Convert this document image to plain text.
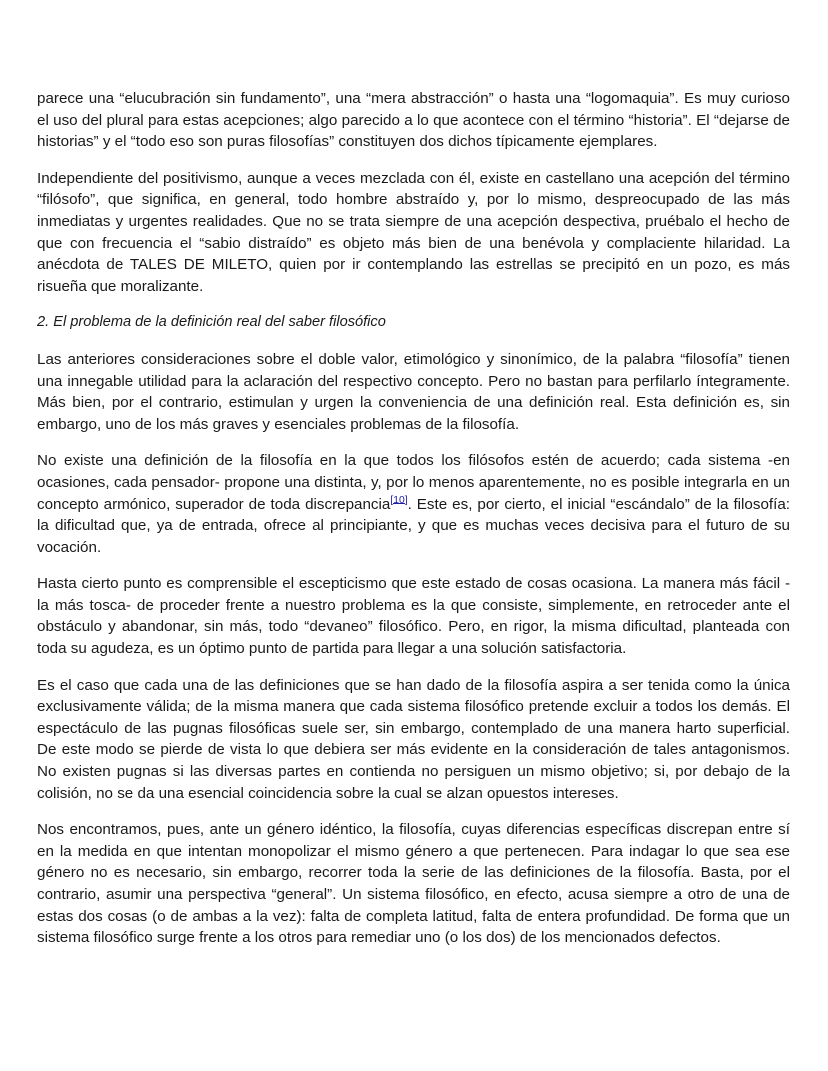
parece una “elucubración sin fundamento”, una “mera abstracción” o hasta una “logomaquia”. Es muy curioso el uso del plural para estas acepciones; algo parecido a lo que acontece con el término “historia”. El “dejarse de historias” y el “todo eso son puras filosofías” constituyen dos dichos típicamente ejemplares.

Independiente del positivismo, aunque a veces mezclada con él, existe en castellano una acepción del término “filósofo”, que significa, en general, todo hombre abstraído y, por lo mismo, despreocupado de las más inmediatas y urgentes realidades. Que no se trata siempre de una acepción despectiva, pruébalo el hecho de que con frecuencia el “sabio distraído” es objeto más bien de una benévola y complaciente hilaridad. La anécdota de TALES DE MILETO, quien por ir contemplando las estrellas se precipitó en un pozo, es más risueña que moralizante.

2. El problema de la definición real del saber filosófico

Las anteriores consideraciones sobre el doble valor, etimológico y sinonímico, de la palabra “filosofía” tienen una innegable utilidad para la aclaración del respectivo concepto. Pero no bastan para perfilarlo íntegramente. Más bien, por el contrario, estimulan y urgen la conveniencia de una definición real. Esta definición es, sin embargo, uno de los más graves y esenciales problemas de la filosofía.

No existe una definición de la filosofía en la que todos los filósofos estén de acuerdo; cada sistema -en ocasiones, cada pensador- propone una distinta, y, por lo menos aparentemente, no es posible integrarla en un concepto armónico, superador de toda discrepancia[10]. Este es, por cierto, el inicial “escándalo” de la filosofía: la dificultad que, ya de entrada, ofrece al principiante, y que es muchas veces decisiva para el futuro de su vocación.

Hasta cierto punto es comprensible el escepticismo que este estado de cosas ocasiona. La manera más fácil -la más tosca- de proceder frente a nuestro problema es la que consiste, simplemente, en retroceder ante el obstáculo y abandonar, sin más, todo “devaneo” filosófico. Pero, en rigor, la misma dificultad, planteada con toda su agudeza, es un óptimo punto de partida para llegar a una solución satisfactoria.

Es el caso que cada una de las definiciones que se han dado de la filosofía aspira a ser tenida como la única exclusivamente válida; de la misma manera que cada sistema filosófico pretende excluir a todos los demás. El espectáculo de las pugnas filosóficas suele ser, sin embargo, contemplado de una manera harto superficial.  De este modo se pierde de vista lo que debiera ser más evidente en la consideración de tales antagonismos. No existen pugnas si las diversas partes en contienda no persiguen un mismo objetivo; si, por debajo de la colisión, no se da una esencial coincidencia sobre la cual se alzan opuestos intereses.

Nos encontramos, pues, ante un género idéntico, la filosofía, cuyas diferencias específicas discrepan entre sí en la medida en que intentan monopolizar el mismo género a que pertenecen. Para indagar lo que sea ese género no es necesario, sin embargo, recorrer toda la serie de las definiciones de la filosofía. Basta, por el contrario, asumir una perspectiva “general”. Un sistema filosófico, en efecto, acusa siempre a otro de una de estas dos cosas (o de ambas a la vez): falta de completa latitud, falta de entera profundidad. De forma que un sistema filosófico surge frente a los otros para remediar uno (o los dos) de los mencionados defectos.
